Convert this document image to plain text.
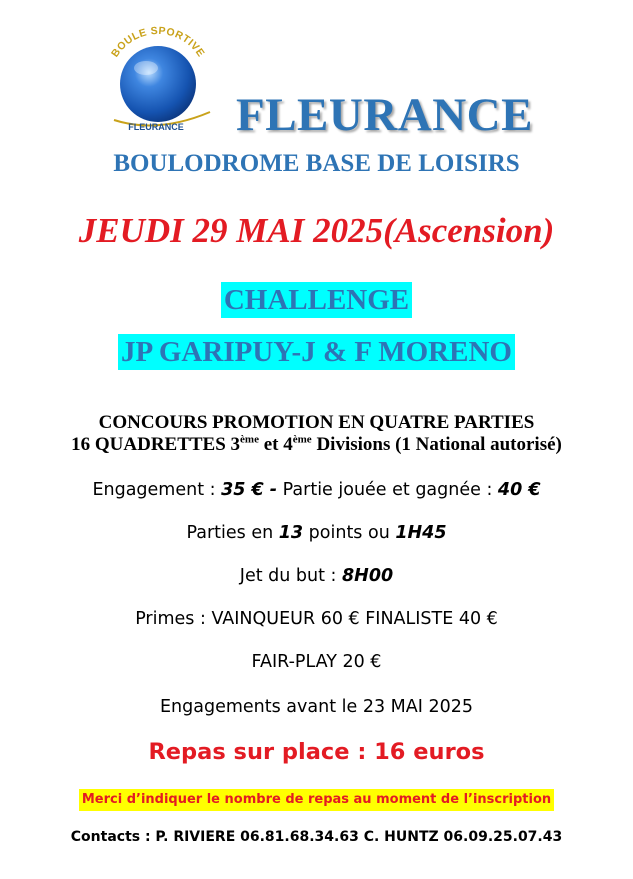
BOULE SPORTIVE
FLEURANCE FLEURANCE
BOULODROME BASE DE LOISIRS
JEUDI 29 MAI 2025(Ascension)
CHALLENGE
JP GARIPUY-J & F MORENO
CONCOURS PROMOTION EN QUATRE PARTIES
16 QUADRETTES 3ème et 4ème Divisions (1 National autorisé)
Engagement : 35 € - Partie jouée et gagnée : 40 €
Parties en 13 points ou 1H45
Jet du but : 8H00
Primes : VAINQUEUR 60 € FINALISTE 40 €
FAIR-PLAY 20 €
Engagements avant le 23 MAI 2025
Repas sur place : 16 euros
Merci d’indiquer le nombre de repas au moment de l’inscription
Contacts : P. RIVIERE 06.81.68.34.63 C. HUNTZ 06.09.25.07.43
